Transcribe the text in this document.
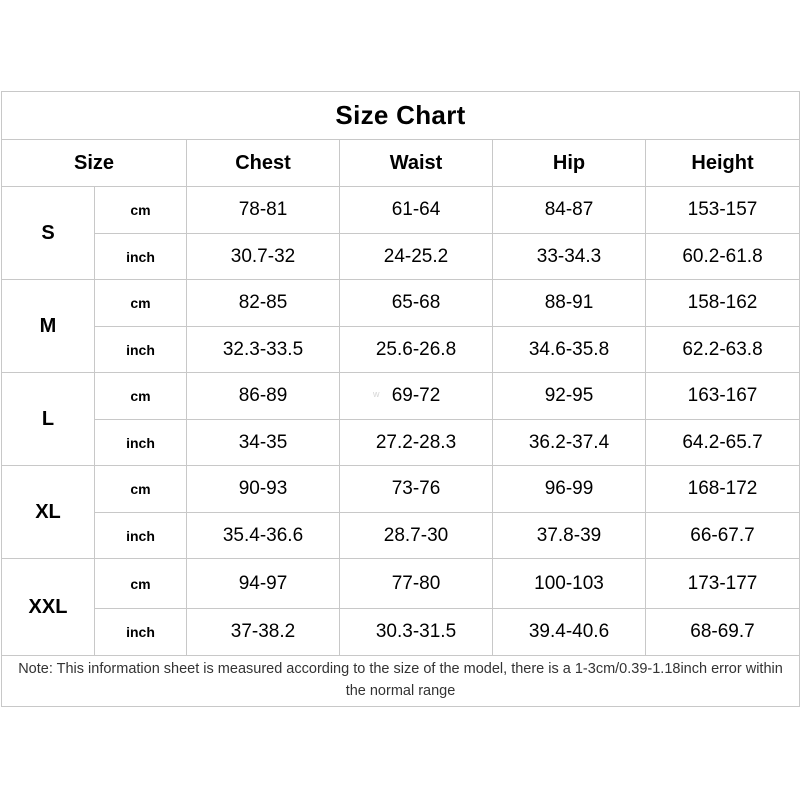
Size Chart					
Size		Chest	Waist	Hip	Height
S	cm	78-81	61-64	84-87	153-157
	inch	30.7-32	24-25.2	33-34.3	60.2-61.8
M	cm	82-85	65-68	88-91	158-162
	inch	32.3-33.5	25.6-26.8	34.6-35.8	62.2-63.8
L	cm	86-89	69-72	92-95	163-167
	inch	34-35	27.2-28.3	36.2-37.4	64.2-65.7
XL	cm	90-93	73-76	96-99	168-172
	inch	35.4-36.6	28.7-30	37.8-39	66-67.7
XXL	cm	94-97	77-80	100-103	173-177
	inch	37-38.2	30.3-31.5	39.4-40.6	68-69.7
Note: This information sheet is measured according to the size of the model, there is a 1-3cm/0.39-1.18inch error within the normal range					
w
